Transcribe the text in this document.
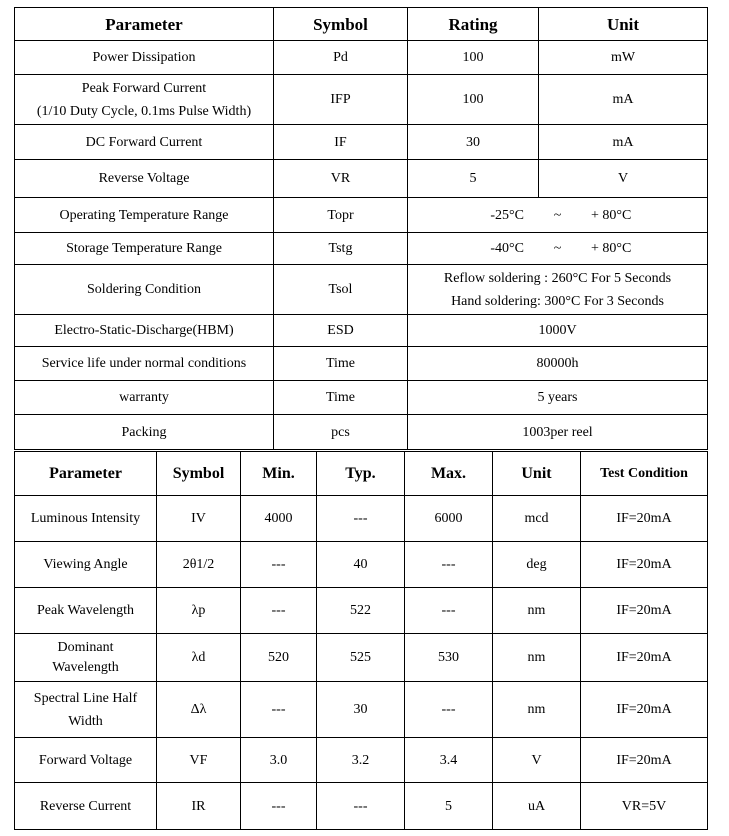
Parameter	Symbol	Rating	Unit
Power Dissipation	Pd	100	mW

Peak Forward Current
(1/10 Duty Cycle, 0.1ms Pulse Width)	IFP	100	mA
DC Forward Current	IF	30	mA
Reverse Voltage	VR	5	V
Operating Temperature Range	Topr	-25°C ~ + 80°C	
Storage Temperature Range	Tstg	-40°C ~ + 80°C	
Soldering Condition	Tsol	Reflow soldering : 260°C For 5 Seconds
Hand soldering: 300°C For 3 Seconds	

Electro-Static-Discharge(HBM)	ESD	1000V	
Service life under normal conditions	Time	80000h	
warranty	Time	5 years	
Packing	pcs	1003per reel	
Parameter	Symbol	Min.	Typ.	Max.	Unit	Test Condition
Luminous Intensity	IV	4000	---	6000	mcd	IF=20mA
Viewing Angle	2θ1/2	---	40	---	deg	IF=20mA
Peak Wavelength	λp	---	522	---	nm	IF=20mA

Dominant
Wavelength	λd	520	525	530	nm	IF=20mA

Spectral Line Half
Width	Δλ	---	30	---	nm	IF=20mA
Forward Voltage	VF	3.0	3.2	3.4	V	IF=20mA
Reverse Current	IR	---	---	5	uA	VR=5V
